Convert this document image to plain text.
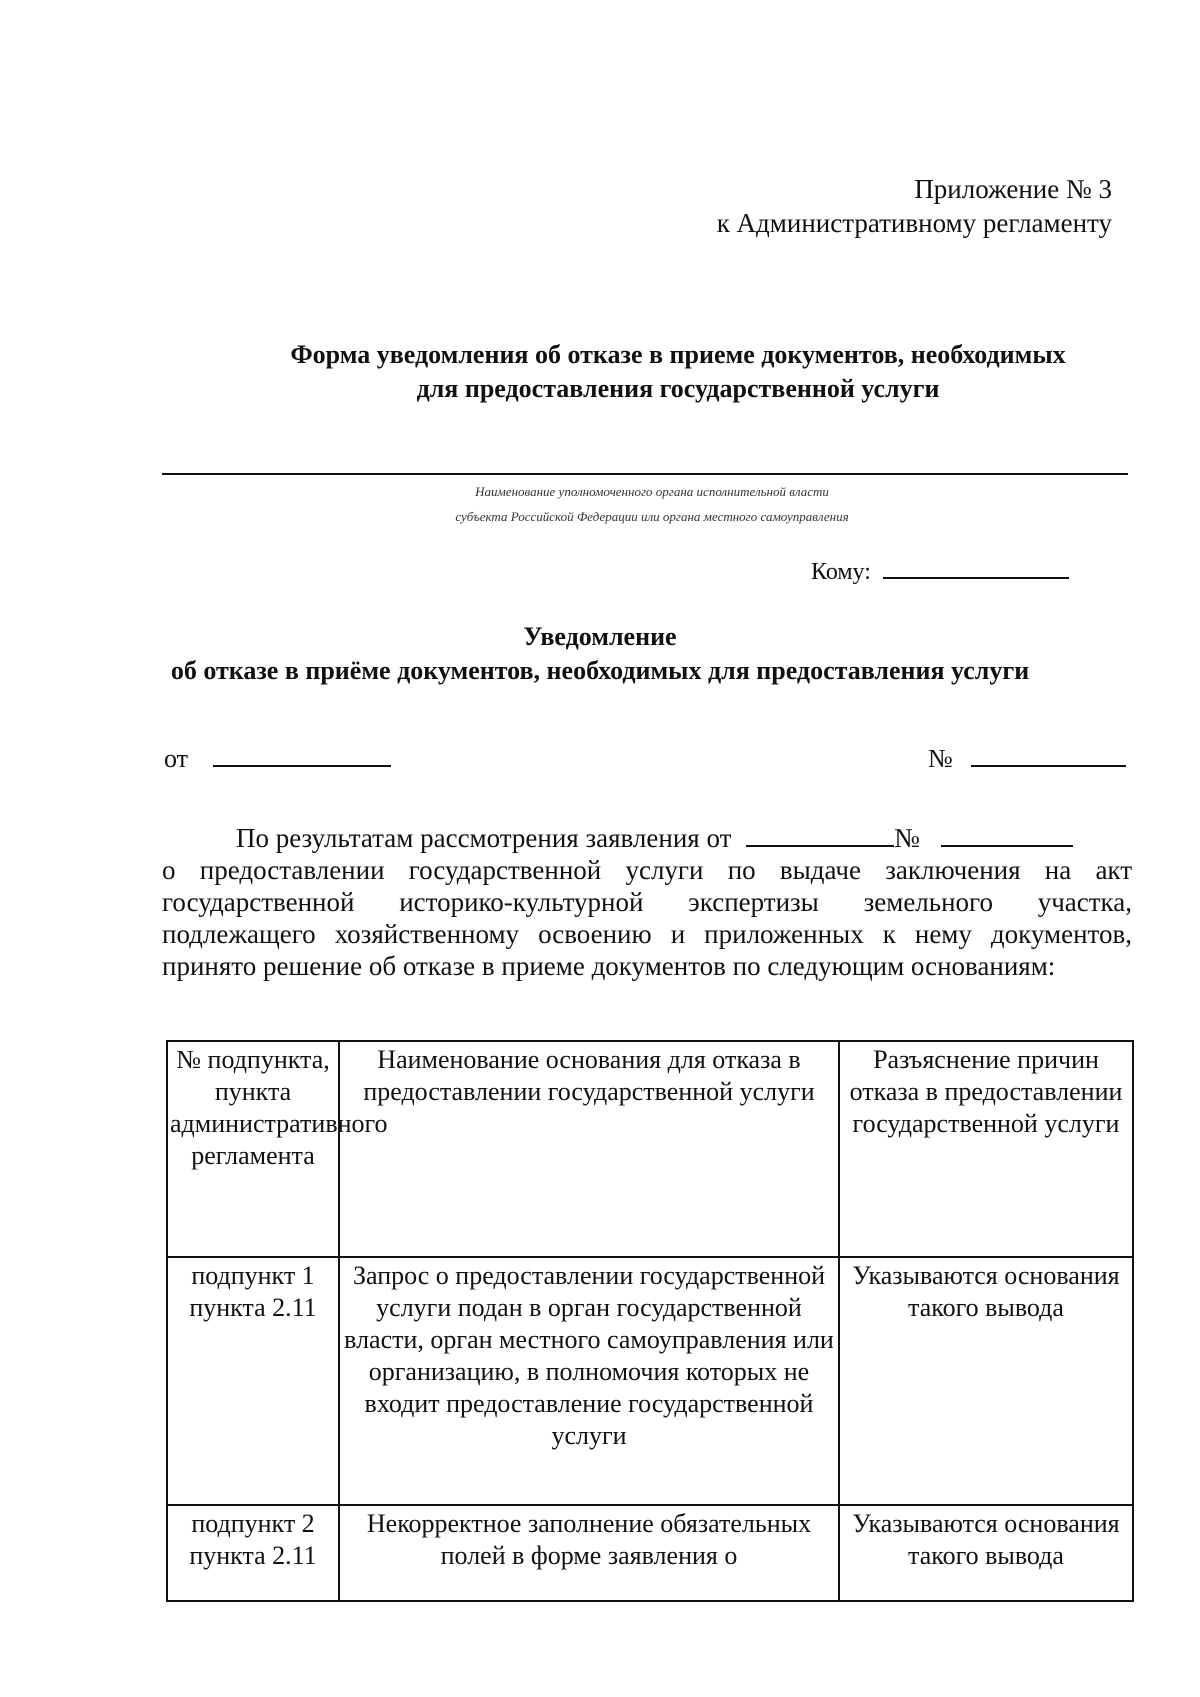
Приложение № 3
к Административному регламенту
Форма уведомления об отказе в приеме документов, необходимых
для предоставления государственной услуги
Наименование уполномоченного органа исполнительной власти
субъекта Российской Федерации или органа местного самоуправления
Кому:
Уведомление
об отказе в приёме документов, необходимых для предоставления услуги
от	№
По результатам рассмотрения заявления от	№
о предоставлении государственной услуги по выдаче заключения на акт
государственной историко-культурной экспертизы земельного участка,
подлежащего хозяйственному освоению и приложенных к нему документов,
принято решение об отказе в приеме документов по следующим основаниям:
№ подпункта, пункта административного регламента	Наименование основания для отказа в предоставлении государственной услуги	Разъяснение причин отказа в предоставлении государственной услуги
подпункт 1 пункта 2.11	Запрос о предоставлении государственной услуги подан в орган государственной власти, орган местного самоуправления или организацию, в полномочия которых не входит предоставление государственной услуги	Указываются основания такого вывода
подпункт 2 пункта 2.11	Некорректное заполнение обязательных полей в форме заявления о	Указываются основания такого вывода
